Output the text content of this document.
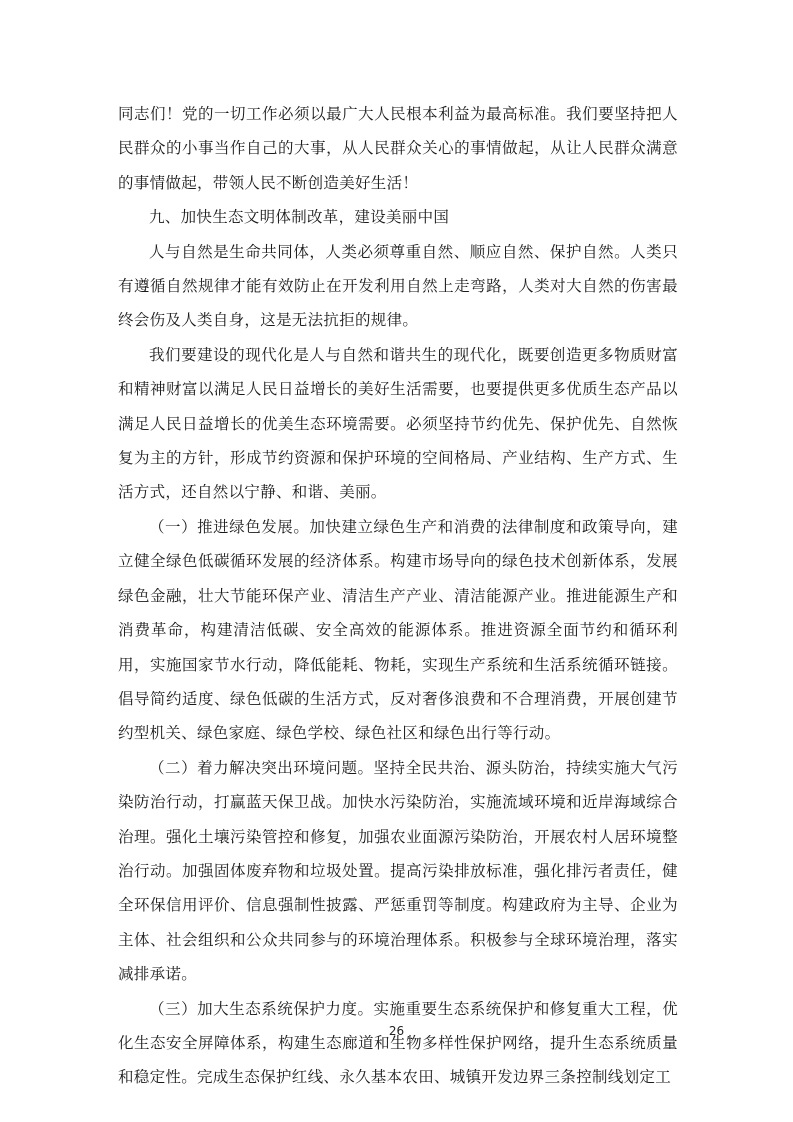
同志们！党的一切工作必须以最广大人民根本利益为最高标准。我们要坚持把人民群众的小事当作自己的大事，从人民群众关心的事情做起，从让人民群众满意的事情做起，带领人民不断创造美好生活！

九、加快生态文明体制改革，建设美丽中国

人与自然是生命共同体，人类必须尊重自然、顺应自然、保护自然。人类只有遵循自然规律才能有效防止在开发利用自然上走弯路，人类对大自然的伤害最终会伤及人类自身，这是无法抗拒的规律。

我们要建设的现代化是人与自然和谐共生的现代化，既要创造更多物质财富和精神财富以满足人民日益增长的美好生活需要，也要提供更多优质生态产品以满足人民日益增长的优美生态环境需要。必须坚持节约优先、保护优先、自然恢复为主的方针，形成节约资源和保护环境的空间格局、产业结构、生产方式、生活方式，还自然以宁静、和谐、美丽。

（一）推进绿色发展。加快建立绿色生产和消费的法律制度和政策导向，建立健全绿色低碳循环发展的经济体系。构建市场导向的绿色技术创新体系，发展绿色金融，壮大节能环保产业、清洁生产产业、清洁能源产业。推进能源生产和消费革命，构建清洁低碳、安全高效的能源体系。推进资源全面节约和循环利用，实施国家节水行动，降低能耗、物耗，实现生产系统和生活系统循环链接。倡导简约适度、绿色低碳的生活方式，反对奢侈浪费和不合理消费，开展创建节约型机关、绿色家庭、绿色学校、绿色社区和绿色出行等行动。

（二）着力解决突出环境问题。坚持全民共治、源头防治，持续实施大气污染防治行动，打赢蓝天保卫战。加快水污染防治，实施流域环境和近岸海域综合治理。强化土壤污染管控和修复，加强农业面源污染防治，开展农村人居环境整治行动。加强固体废弃物和垃圾处置。提高污染排放标准，强化排污者责任，健全环保信用评价、信息强制性披露、严惩重罚等制度。构建政府为主导、企业为主体、社会组织和公众共同参与的环境治理体系。积极参与全球环境治理，落实减排承诺。

（三）加大生态系统保护力度。实施重要生态系统保护和修复重大工程，优化生态安全屏障体系，构建生态廊道和生物多样性保护网络，提升生态系统质量和稳定性。完成生态保护红线、永久基本农田、城镇开发边界三条控制线划定工

26
